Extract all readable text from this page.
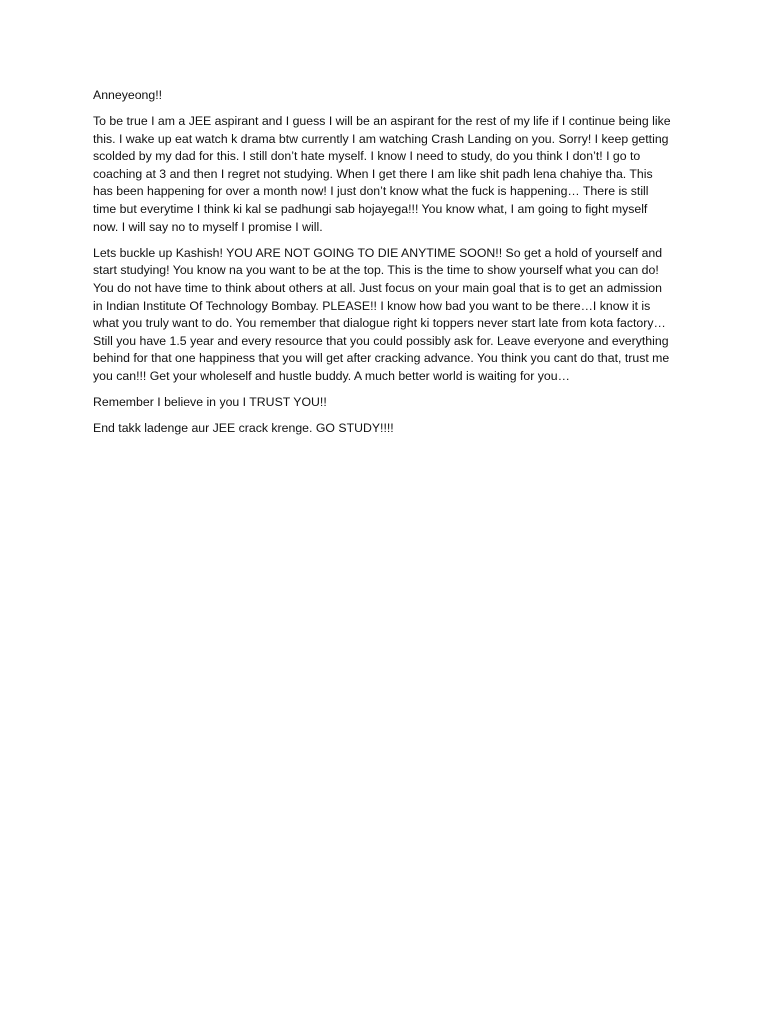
Anneyeong!!

To be true I am a JEE aspirant and I guess I will be an aspirant for the rest of my life if I continue being like this. I wake up eat watch k drama btw currently I am watching Crash Landing on you. Sorry! I keep getting scolded by my dad for this. I still don’t hate myself. I know I need to study, do you think I don’t! I go to coaching at 3 and then I regret not studying. When I get there I am like shit padh lena chahiye tha. This has been happening for over a month now! I just don’t know what the fuck is happening… There is still time but everytime I think ki kal se padhungi sab hojayega!!! You know what, I am going to fight myself now. I will say no to myself I promise I will.

Lets buckle up Kashish! YOU ARE NOT GOING TO DIE ANYTIME SOON!! So get a hold of yourself and start studying! You know na you want to be at the top. This is the time to show yourself what you can do! You do not have time to think about others at all. Just focus on your main goal that is to get an admission in Indian Institute Of Technology Bombay. PLEASE!! I know how bad you want to be there…I know it is what you truly want to do. You remember that dialogue right ki toppers never start late from kota factory… Still you have 1.5 year and every resource that you could possibly ask for. Leave everyone and everything behind for that one happiness that you will get after cracking advance. You think you cant do that, trust me you can!!! Get your wholeself and hustle buddy. A much better world is waiting for you…

Remember I believe in you I TRUST YOU!!

End takk ladenge aur JEE crack krenge. GO STUDY!!!!
